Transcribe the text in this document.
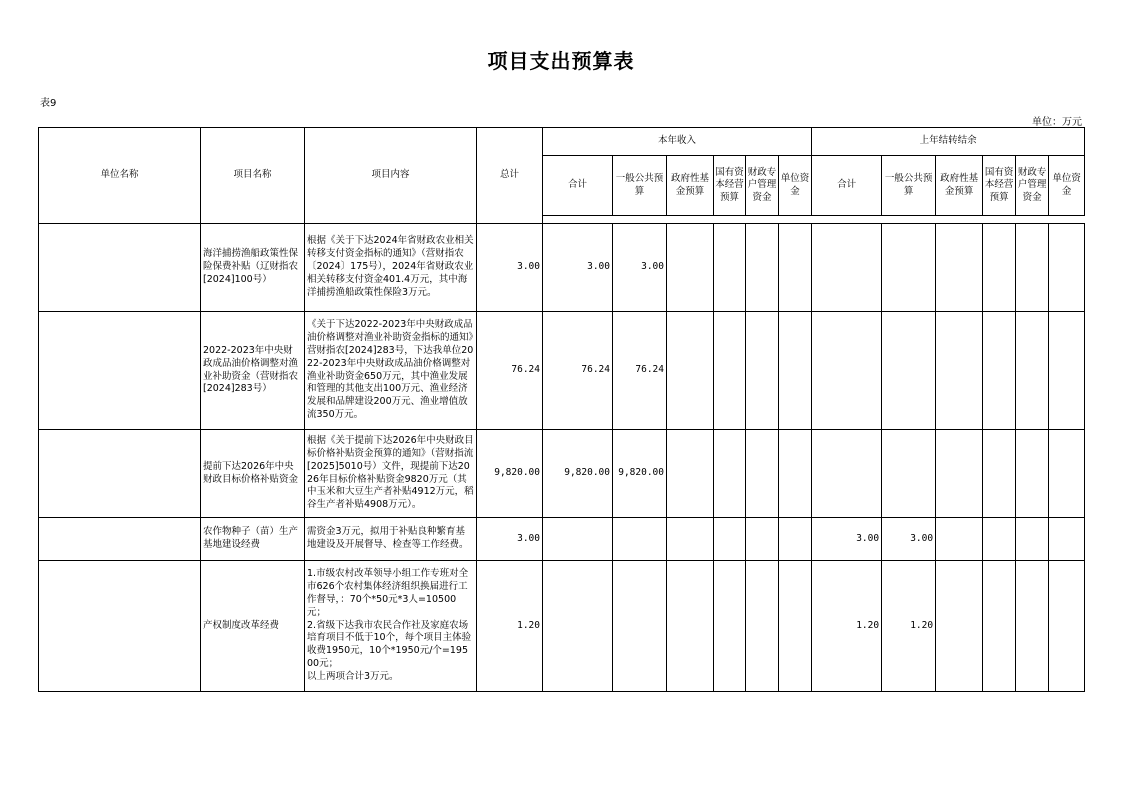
项目支出预算表
表9
单位：万元
单位名称	项目名称	项目内容	总计	本年收入						上年结转结余					
				合计	一般公共预算	政府性基金预算	国有资本经营预算	财政专户管理资金	单位资金	合计	一般公共预算	政府性基金预算	国有资本经营预算	财政专户管理资金	单位资金

	海洋捕捞渔船政策性保险保费补贴（辽财指农[2024]100号）	根据《关于下达2024年省财政农业相关转移支付资金指标的通知》（营财指农〔2024〕175号），2024年省财政农业相关转移支付资金401.4万元，其中海洋捕捞渔船政策性保险3万元。	3.00	3.00	3.00										
	2022-2023年中央财政成品油价格调整对渔业补助资金（营财指农[2024]283号）	《关于下达2022-2023年中央财政成品油价格调整对渔业补助资金指标的通知》营财指农[2024]283号，下达我单位2022-2023年中央财政成品油价格调整对渔业补助资金650万元，其中渔业发展和管理的其他支出100万元、渔业经济发展和品牌建设200万元、渔业增值放流350万元。	76.24	76.24	76.24										
	提前下达2026年中央财政目标价格补贴资金	根据《关于提前下达2026年中央财政目标价格补贴资金预算的通知》（营财指流[2025]5010号）文件，现提前下达2026年目标价格补贴资金9820万元（其中玉米和大豆生产者补贴4912万元，稻谷生产者补贴4908万元）。	9,820.00	9,820.00	9,820.00										
	农作物种子（苗）生产基地建设经费	需资金3万元，拟用于补贴良种繁育基地建设及开展督导、检查等工作经费。	3.00							3.00	3.00				
	产权制度改革经费	1.市级农村改革领导小组工作专班对全市626个农村集体经济组织换届进行工作督导，：70个*50元*3人=10500元；
2.省级下达我市农民合作社及家庭农场培育项目不低于10个，每个项目主体验收费1950元，10个*1950元/个=19500元；
以上两项合计3万元。	1.20							1.20	1.20				
